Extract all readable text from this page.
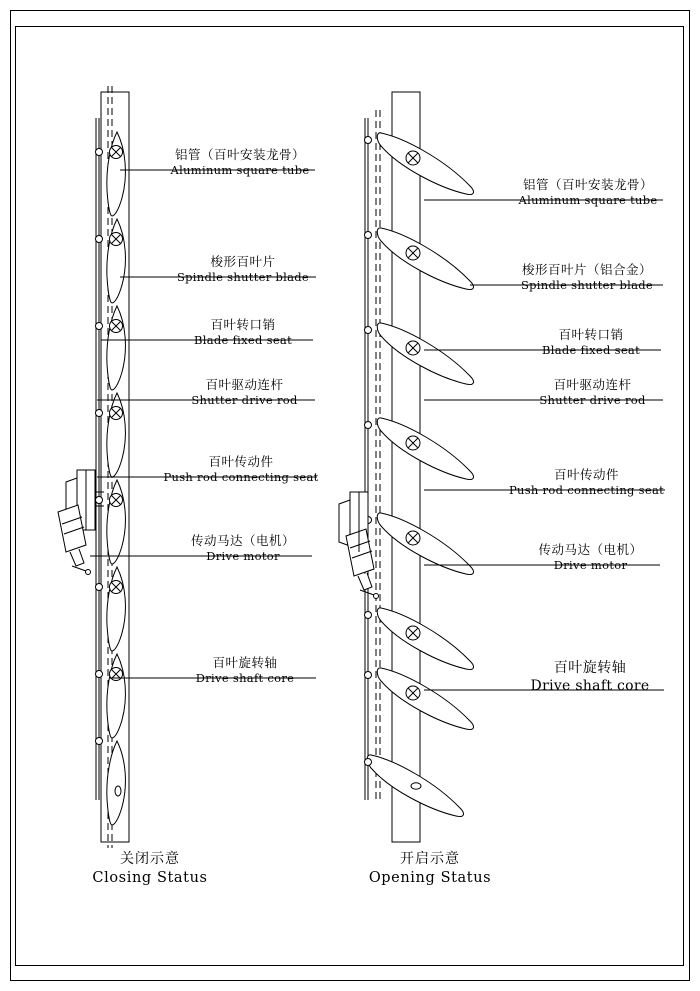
铝管（百叶安装龙骨）
Aluminum square tube
梭形百叶片
Spindle shutter blade
百叶转口销
Blade fixed seat
百叶驱动连杆
Shutter drive rod
百叶传动件
Push rod connecting seat
传动马达（电机）
Drive motor
百叶旋转轴
Drive shaft core
铝管（百叶安装龙骨）
Aluminum square tube
梭形百叶片（铝合金）
Spindle shutter blade
百叶转口销
Blade fixed seat
百叶驱动连杆
Shutter drive rod
百叶传动件
Push rod connecting seat
传动马达（电机）
Drive motor
百叶旋转轴
Drive shaft core
关闭示意
Closing Status
开启示意
Opening Status
